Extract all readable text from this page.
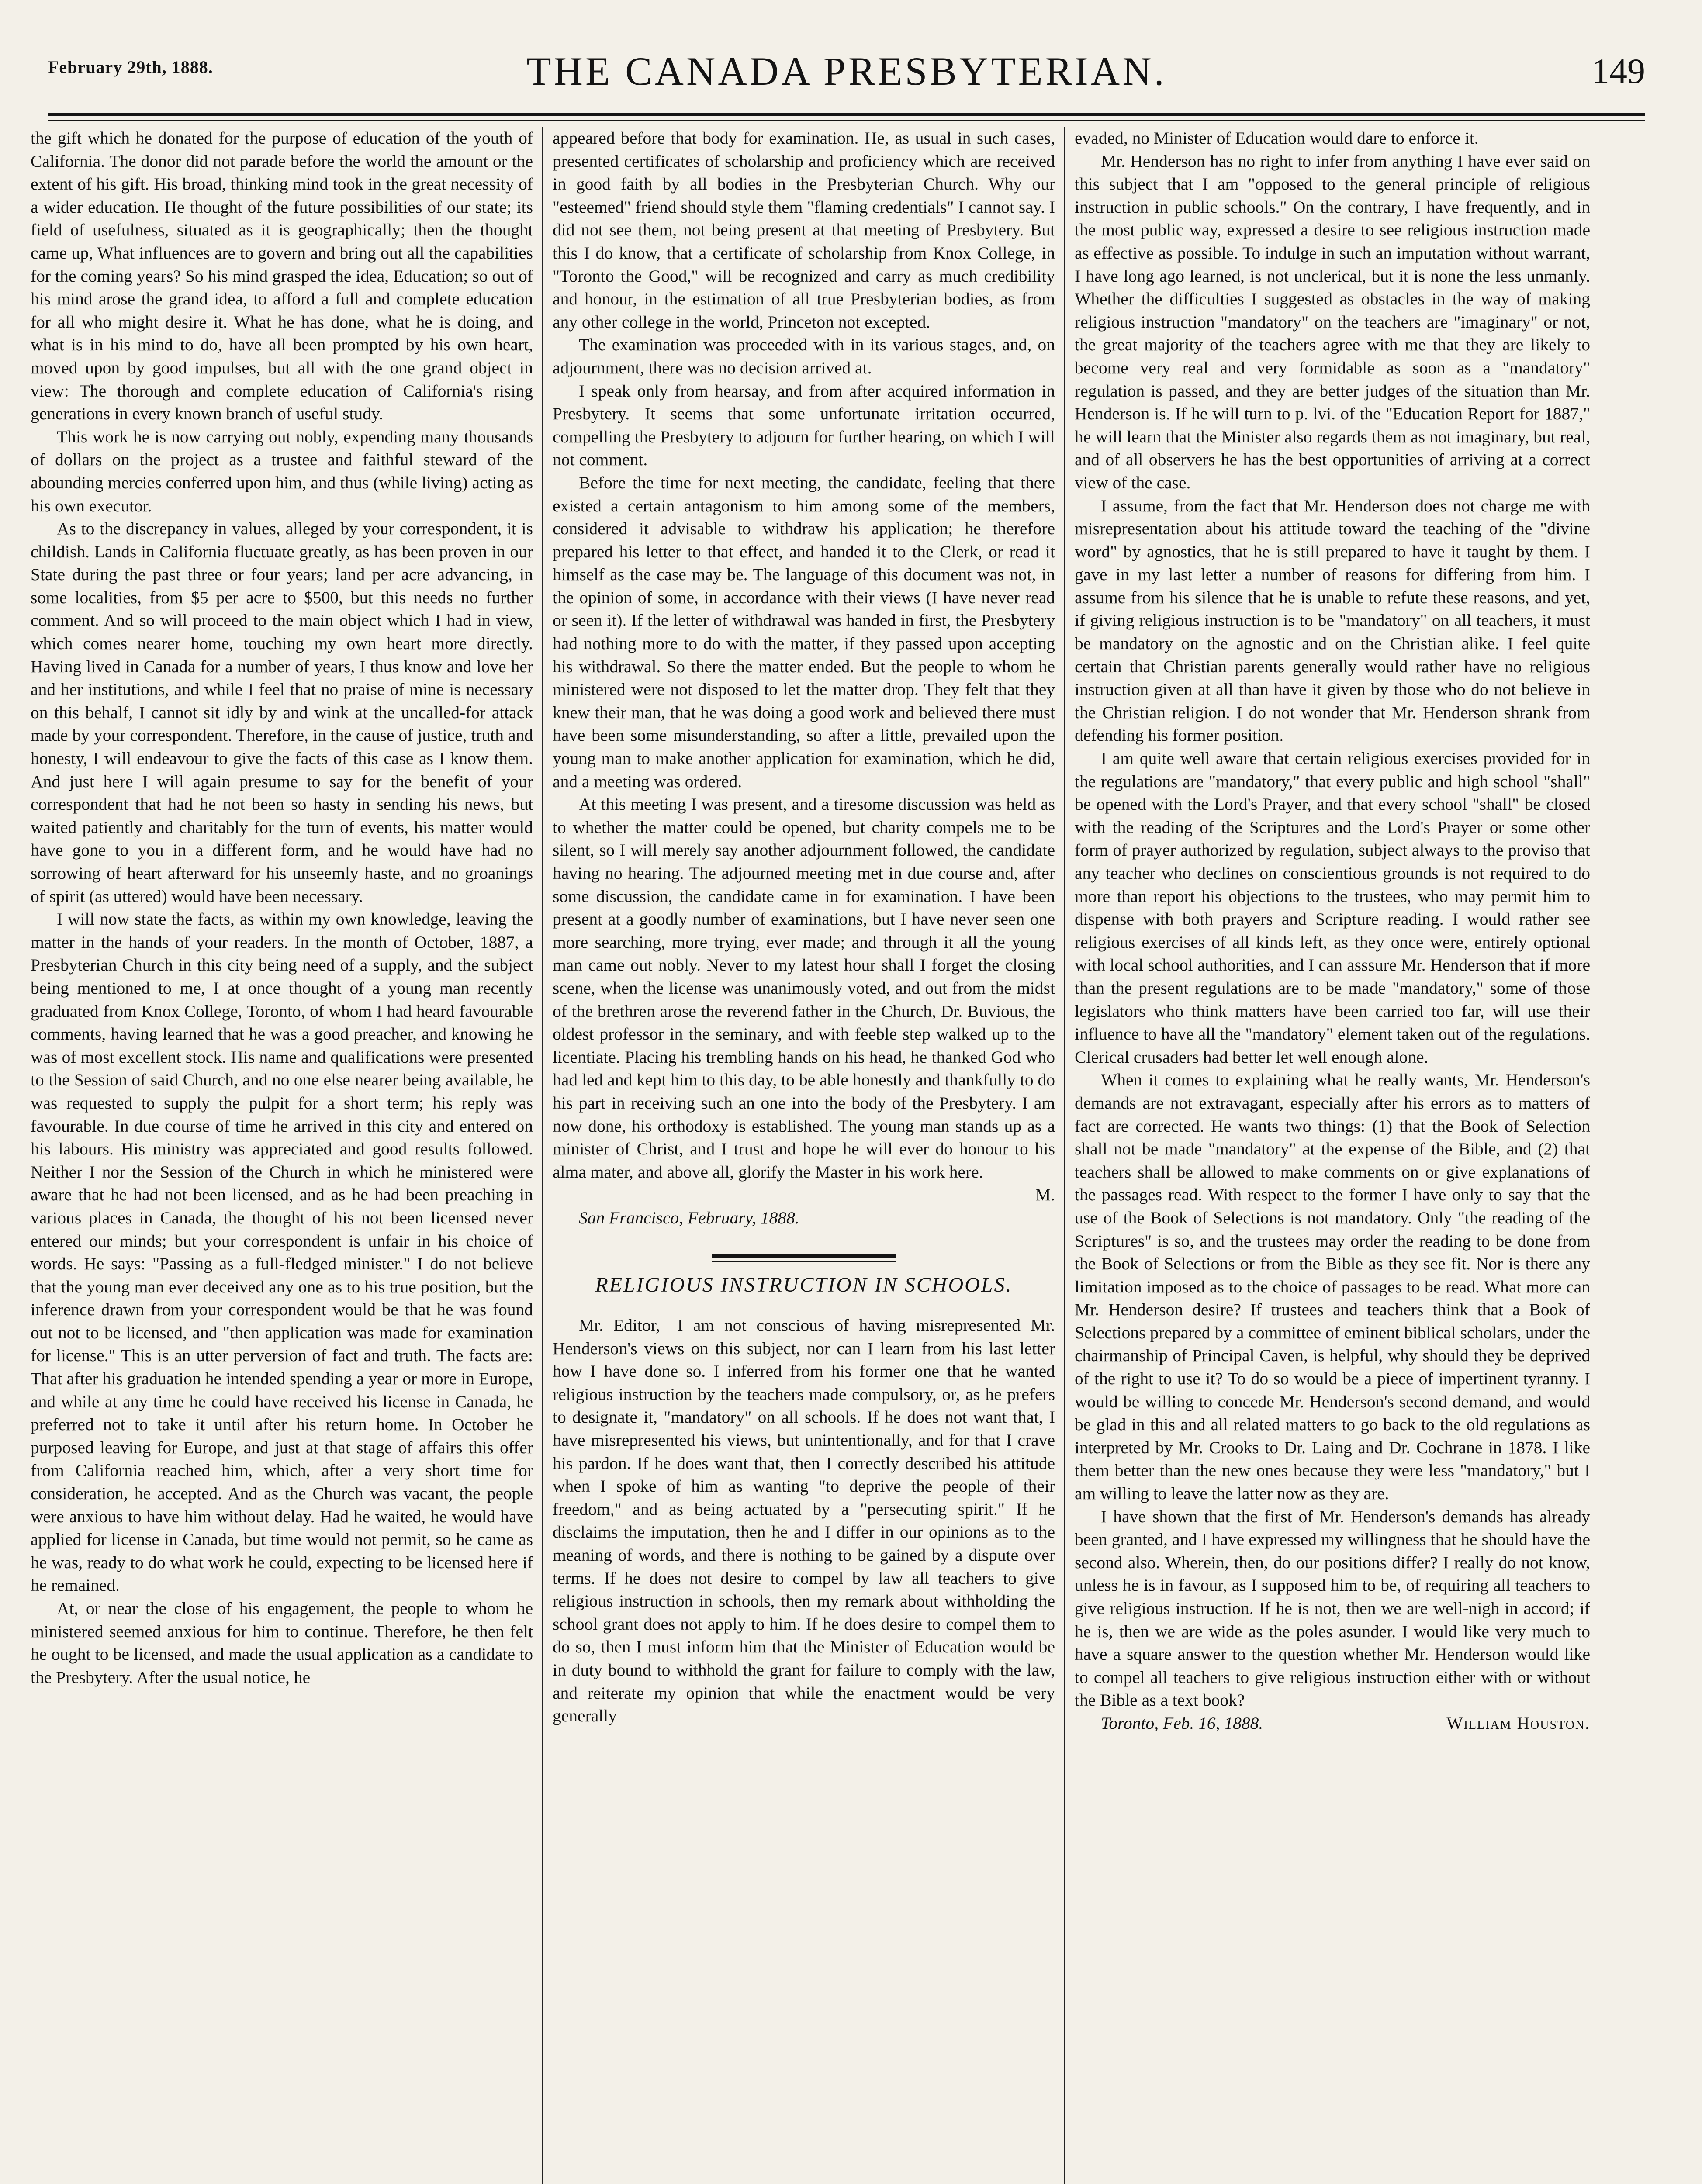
February 29th, 1888.	THE CANADA PRESBYTERIAN.	149

the gift which he donated for the purpose of education of the youth of California. The donor did not parade before the world the amount or the extent of his gift. His broad, thinking mind took in the great necessity of a wider education. He thought of the future possibilities of our state; its field of usefulness, situated as it is geographically; then the thought came up, What influences are to govern and bring out all the capabilities for the coming years? So his mind grasped the idea, Education; so out of his mind arose the grand idea, to afford a full and complete education for all who might desire it. What he has done, what he is doing, and what is in his mind to do, have all been prompted by his own heart, moved upon by good impulses, but all with the one grand object in view: The thorough and complete education of California's rising generations in every known branch of useful study.

This work he is now carrying out nobly, expending many thousands of dollars on the project as a trustee and faithful steward of the abounding mercies conferred upon him, and thus (while living) acting as his own executor.

As to the discrepancy in values, alleged by your correspondent, it is childish. Lands in California fluctuate greatly, as has been proven in our State during the past three or four years; land per acre advancing, in some localities, from $5 per acre to $500, but this needs no further comment. And so will proceed to the main object which I had in view, which comes nearer home, touching my own heart more directly. Having lived in Canada for a number of years, I thus know and love her and her institutions, and while I feel that no praise of mine is necessary on this behalf, I cannot sit idly by and wink at the uncalled-for attack made by your correspondent. Therefore, in the cause of justice, truth and honesty, I will endeavour to give the facts of this case as I know them. And just here I will again presume to say for the benefit of your correspondent that had he not been so hasty in sending his news, but waited patiently and charitably for the turn of events, his matter would have gone to you in a different form, and he would have had no sorrowing of heart afterward for his unseemly haste, and no groanings of spirit (as uttered) would have been necessary.

I will now state the facts, as within my own knowledge, leaving the matter in the hands of your readers. In the month of October, 1887, a Presbyterian Church in this city being need of a supply, and the subject being mentioned to me, I at once thought of a young man recently graduated from Knox College, Toronto, of whom I had heard favourable comments, having learned that he was a good preacher, and knowing he was of most excellent stock. His name and qualifications were presented to the Session of said Church, and no one else nearer being available, he was requested to supply the pulpit for a short term; his reply was favourable. In due course of time he arrived in this city and entered on his labours. His ministry was appreciated and good results followed. Neither I nor the Session of the Church in which he ministered were aware that he had not been licensed, and as he had been preaching in various places in Canada, the thought of his not been licensed never entered our minds; but your correspondent is unfair in his choice of words. He says: "Passing as a full-fledged minister." I do not believe that the young man ever deceived any one as to his true position, but the inference drawn from your correspondent would be that he was found out not to be licensed, and "then application was made for examination for license." This is an utter perversion of fact and truth. The facts are: That after his graduation he intended spending a year or more in Europe, and while at any time he could have received his license in Canada, he preferred not to take it until after his return home. In October he purposed leaving for Europe, and just at that stage of affairs this offer from California reached him, which, after a very short time for consideration, he accepted. And as the Church was vacant, the people were anxious to have him without delay. Had he waited, he would have applied for license in Canada, but time would not permit, so he came as he was, ready to do what work he could, expecting to be licensed here if he remained.

At, or near the close of his engagement, the people to whom he ministered seemed anxious for him to continue. Therefore, he then felt he ought to be licensed, and made the usual application as a candidate to the Presbytery. After the usual notice, he

appeared before that body for examination. He, as usual in such cases, presented certificates of scholarship and proficiency which are received in good faith by all bodies in the Presbyterian Church. Why our "esteemed" friend should style them "flaming credentials" I cannot say. I did not see them, not being present at that meeting of Presbytery. But this I do know, that a certificate of scholarship from Knox College, in "Toronto the Good," will be recognized and carry as much credibility and honour, in the estimation of all true Presbyterian bodies, as from any other college in the world, Princeton not excepted.

The examination was proceeded with in its various stages, and, on adjournment, there was no decision arrived at.

I speak only from hearsay, and from after acquired information in Presbytery. It seems that some unfortunate irritation occurred, compelling the Presbytery to adjourn for further hearing, on which I will not comment.

Before the time for next meeting, the candidate, feeling that there existed a certain antagonism to him among some of the members, considered it advisable to withdraw his application; he therefore prepared his letter to that effect, and handed it to the Clerk, or read it himself as the case may be. The language of this document was not, in the opinion of some, in accordance with their views (I have never read or seen it). If the letter of withdrawal was handed in first, the Presbytery had nothing more to do with the matter, if they passed upon accepting his withdrawal. So there the matter ended. But the people to whom he ministered were not disposed to let the matter drop. They felt that they knew their man, that he was doing a good work and believed there must have been some misunderstanding, so after a little, prevailed upon the young man to make another application for examination, which he did, and a meeting was ordered.

At this meeting I was present, and a tiresome discussion was held as to whether the matter could be opened, but charity compels me to be silent, so I will merely say another adjournment followed, the candidate having no hearing. The adjourned meeting met in due course and, after some discussion, the candidate came in for examination. I have been present at a goodly number of examinations, but I have never seen one more searching, more trying, ever made; and through it all the young man came out nobly. Never to my latest hour shall I forget the closing scene, when the license was unanimously voted, and out from the midst of the brethren arose the reverend father in the Church, Dr. Buvious, the oldest professor in the seminary, and with feeble step walked up to the licentiate. Placing his trembling hands on his head, he thanked God who had led and kept him to this day, to be able honestly and thankfully to do his part in receiving such an one into the body of the Presbytery. I am now done, his orthodoxy is established. The young man stands up as a minister of Christ, and I trust and hope he will ever do honour to his alma mater, and above all, glorify the Master in his work here.

M.

San Francisco, February, 1888.

RELIGIOUS INSTRUCTION IN SCHOOLS.

Mr. Editor,—I am not conscious of having misrepresented Mr. Henderson's views on this subject, nor can I learn from his last letter how I have done so. I inferred from his former one that he wanted religious instruction by the teachers made compulsory, or, as he prefers to designate it, "mandatory" on all schools. If he does not want that, I have misrepresented his views, but unintentionally, and for that I crave his pardon. If he does want that, then I correctly described his attitude when I spoke of him as wanting "to deprive the people of their freedom," and as being actuated by a "persecuting spirit." If he disclaims the imputation, then he and I differ in our opinions as to the meaning of words, and there is nothing to be gained by a dispute over terms. If he does not desire to compel by law all teachers to give religious instruction in schools, then my remark about withholding the school grant does not apply to him. If he does desire to compel them to do so, then I must inform him that the Minister of Education would be in duty bound to withhold the grant for failure to comply with the law, and reiterate my opinion that while the enactment would be very generally

evaded, no Minister of Education would dare to enforce it.

Mr. Henderson has no right to infer from anything I have ever said on this subject that I am "opposed to the general principle of religious instruction in public schools." On the contrary, I have frequently, and in the most public way, expressed a desire to see religious instruction made as effective as possible. To indulge in such an imputation without warrant, I have long ago learned, is not unclerical, but it is none the less unmanly. Whether the difficulties I suggested as obstacles in the way of making religious instruction "mandatory" on the teachers are "imaginary" or not, the great majority of the teachers agree with me that they are likely to become very real and very formidable as soon as a "mandatory" regulation is passed, and they are better judges of the situation than Mr. Henderson is. If he will turn to p. lvi. of the "Education Report for 1887," he will learn that the Minister also regards them as not imaginary, but real, and of all observers he has the best opportunities of arriving at a correct view of the case.

I assume, from the fact that Mr. Henderson does not charge me with misrepresentation about his attitude toward the teaching of the "divine word" by agnostics, that he is still prepared to have it taught by them. I gave in my last letter a number of reasons for differing from him. I assume from his silence that he is unable to refute these reasons, and yet, if giving religious instruction is to be "mandatory" on all teachers, it must be mandatory on the agnostic and on the Christian alike. I feel quite certain that Christian parents generally would rather have no religious instruction given at all than have it given by those who do not believe in the Christian religion. I do not wonder that Mr. Henderson shrank from defending his former position.

I am quite well aware that certain religious exercises provided for in the regulations are "mandatory," that every public and high school "shall" be opened with the Lord's Prayer, and that every school "shall" be closed with the reading of the Scriptures and the Lord's Prayer or some other form of prayer authorized by regulation, subject always to the proviso that any teacher who declines on conscientious grounds is not required to do more than report his objections to the trustees, who may permit him to dispense with both prayers and Scripture reading. I would rather see religious exercises of all kinds left, as they once were, entirely optional with local school authorities, and I can asssure Mr. Henderson that if more than the present regulations are to be made "mandatory," some of those legislators who think matters have been carried too far, will use their influence to have all the "mandatory" element taken out of the regulations. Clerical crusaders had better let well enough alone.

When it comes to explaining what he really wants, Mr. Henderson's demands are not extravagant, especially after his errors as to matters of fact are corrected. He wants two things: (1) that the Book of Selection shall not be made "mandatory" at the expense of the Bible, and (2) that teachers shall be allowed to make comments on or give explanations of the passages read. With respect to the former I have only to say that the use of the Book of Selections is not mandatory. Only "the reading of the Scriptures" is so, and the trustees may order the reading to be done from the Book of Selections or from the Bible as they see fit. Nor is there any limitation imposed as to the choice of passages to be read. What more can Mr. Henderson desire? If trustees and teachers think that a Book of Selections prepared by a committee of eminent biblical scholars, under the chairmanship of Principal Caven, is helpful, why should they be deprived of the right to use it? To do so would be a piece of impertinent tyranny. I would be willing to concede Mr. Henderson's second demand, and would be glad in this and all related matters to go back to the old regulations as interpreted by Mr. Crooks to Dr. Laing and Dr. Cochrane in 1878. I like them better than the new ones because they were less "mandatory," but I am willing to leave the latter now as they are.

I have shown that the first of Mr. Henderson's demands has already been granted, and I have expressed my willingness that he should have the second also. Wherein, then, do our positions differ? I really do not know, unless he is in favour, as I supposed him to be, of requiring all teachers to give religious instruction. If he is not, then we are well-nigh in accord; if he is, then we are wide as the poles asunder. I would like very much to have a square answer to the question whether Mr. Henderson would like to compel all teachers to give religious instruction either with or without the Bible as a text book?

Toronto, Feb. 16, 1888.	William Houston.
